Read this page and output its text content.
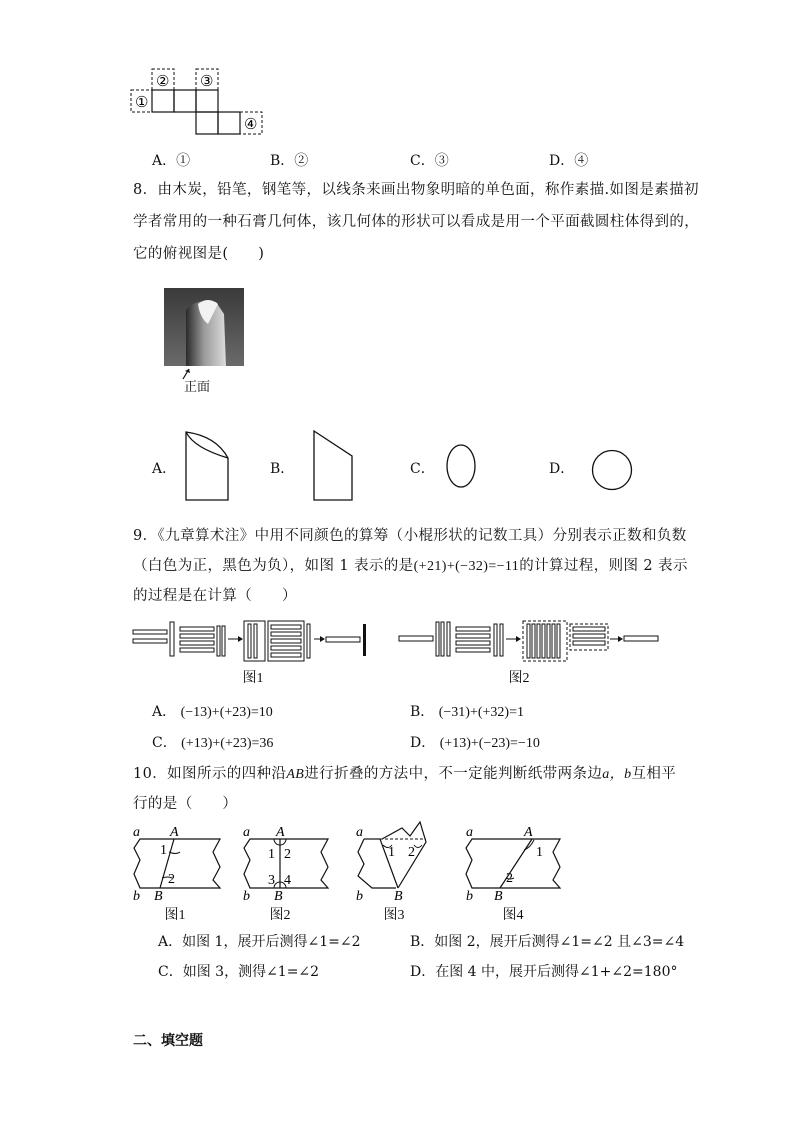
①
② ③
④
A．①	B．②	C．③	D．④
8．由木炭，铅笔，钢笔等，以线条来画出物象明暗的单色面，称作素描.如图是素描初
学者常用的一种石膏几何体，该几何体的形状可以看成是用一个平面截圆柱体得到的，
它的俯视图是(　　)
正面
A．	B．	C．	D．
9．《九章算术注》中用不同颜色的算筹（小棍形状的记数工具）分别表示正数和负数
（白色为正，黑色为负），如图 1 表示的是(+21)+(−32)=−11的计算过程，则图 2 表示
的过程是在计算（　　）
图1	图2
A． (−13)+(+23)=10	B． (−31)+(+32)=1
C． (+13)+(+23)=36	D． (+13)+(−23)=−10
10．如图所示的四种沿AB进行折叠的方法中，不一定能判断纸带两条边a，b互相平
行的是（　　）
a A
1
2
b B
图1
a A
1 2
3 4
b B
图2
a
1 2
b B
图3
a	A
1
2
b B
图4
A．如图 1，展开后测得∠1=∠2	B．如图 2，展开后测得∠1=∠2 且∠3=∠4
C．如图 3，测得∠1=∠2	D．在图 4 中，展开后测得∠1+∠2=180°
二、填空题
